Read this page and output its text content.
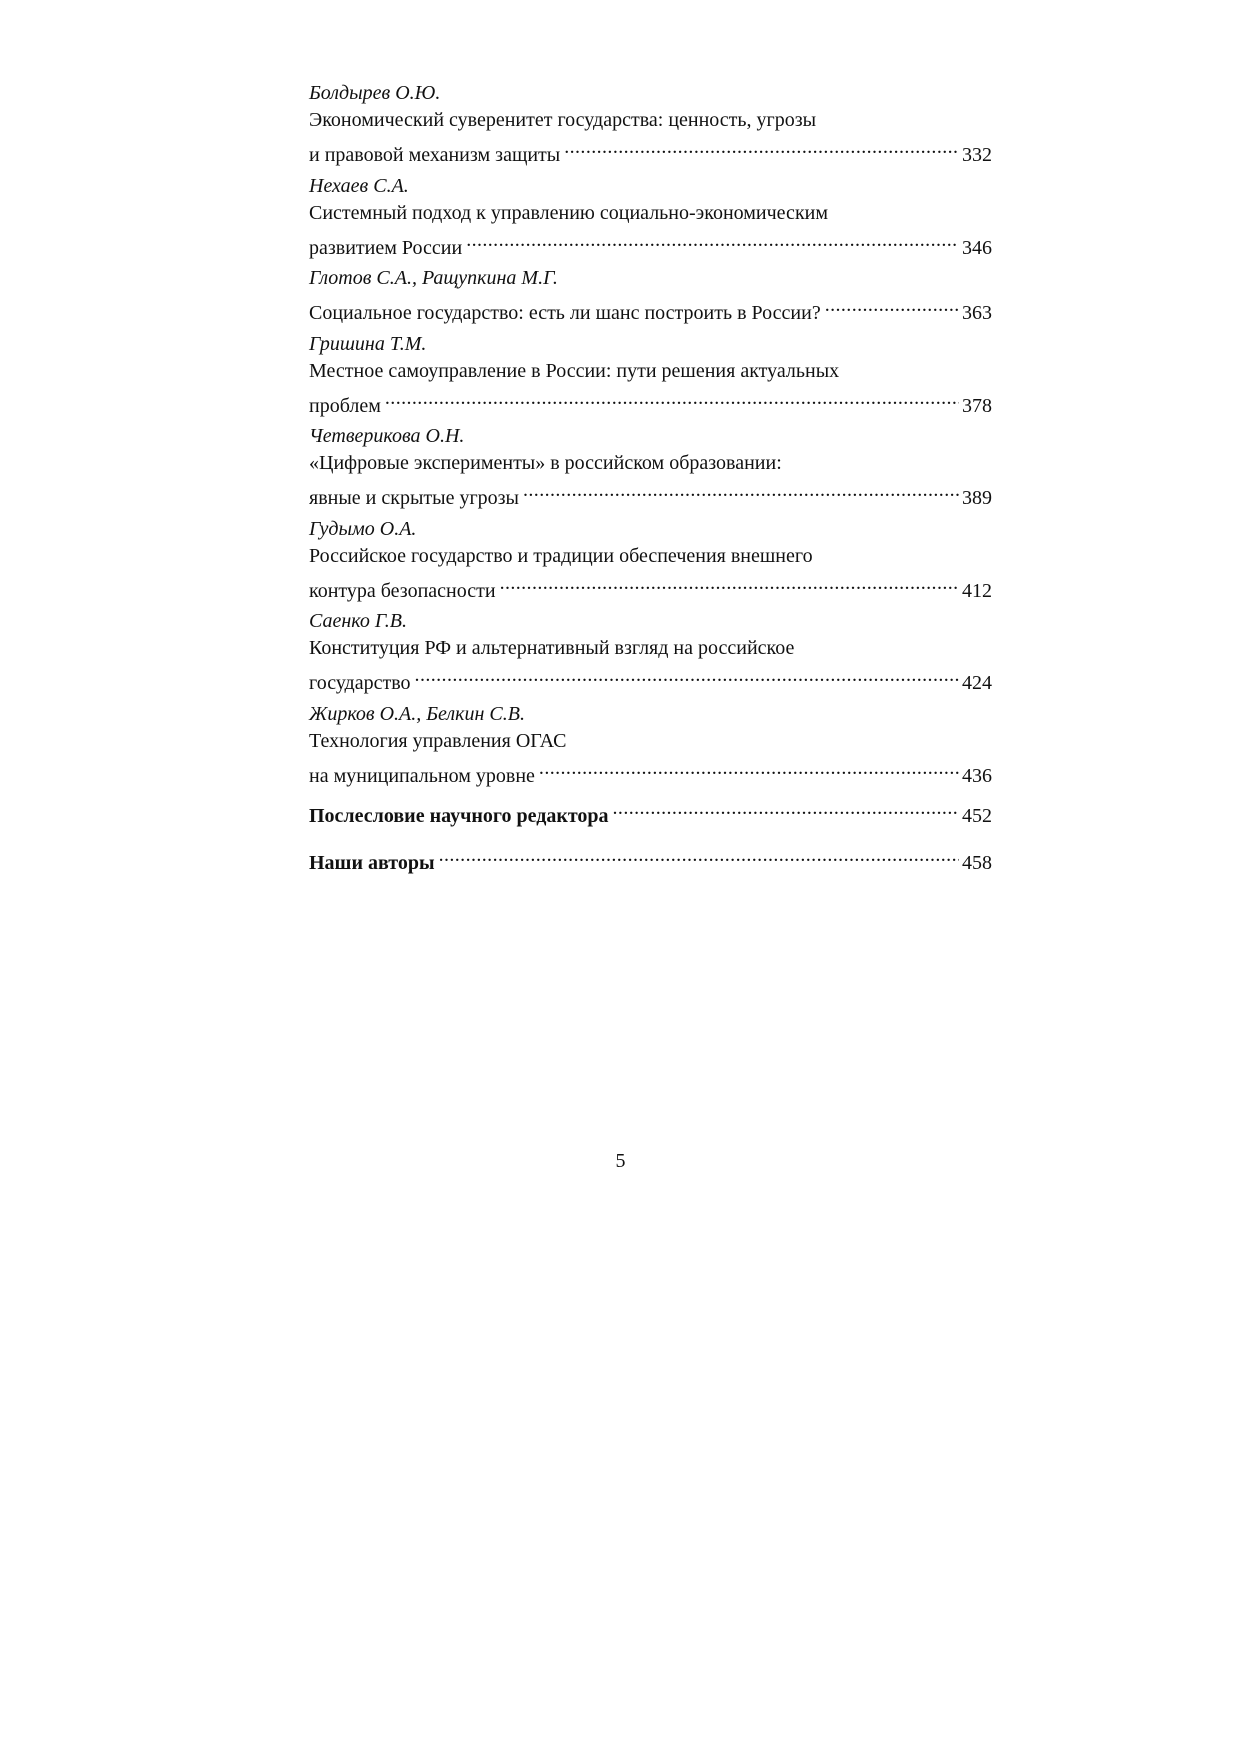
Болдырев О.Ю.
Экономический суверенитет государства: ценность, угрозы
и правовой механизм защиты .....	332
Нехаев С.А.
Системный подход к управлению социально-экономическим
развитием России .....	346
Глотов С.А., Ращупкина М.Г.
Социальное государство: есть ли шанс построить в России? .....	363
Гришина Т.М.
Местное самоуправление в России: пути решения актуальных
проблем .....	378
Четверикова О.Н.
«Цифровые эксперименты» в российском образовании:
явные и скрытые угрозы .....	389
Гудымо О.А.
Российское государство и традиции обеспечения внешнего
контура безопасности .....	412
Саенко Г.В.
Конституция РФ и альтернативный взгляд на российское
государство .....	424
Жирков О.А., Белкин С.В.
Технология управления ОГАС
на муниципальном уровне .....	436
Послесловие научного редактора .....	452
Наши авторы .....	458
5
